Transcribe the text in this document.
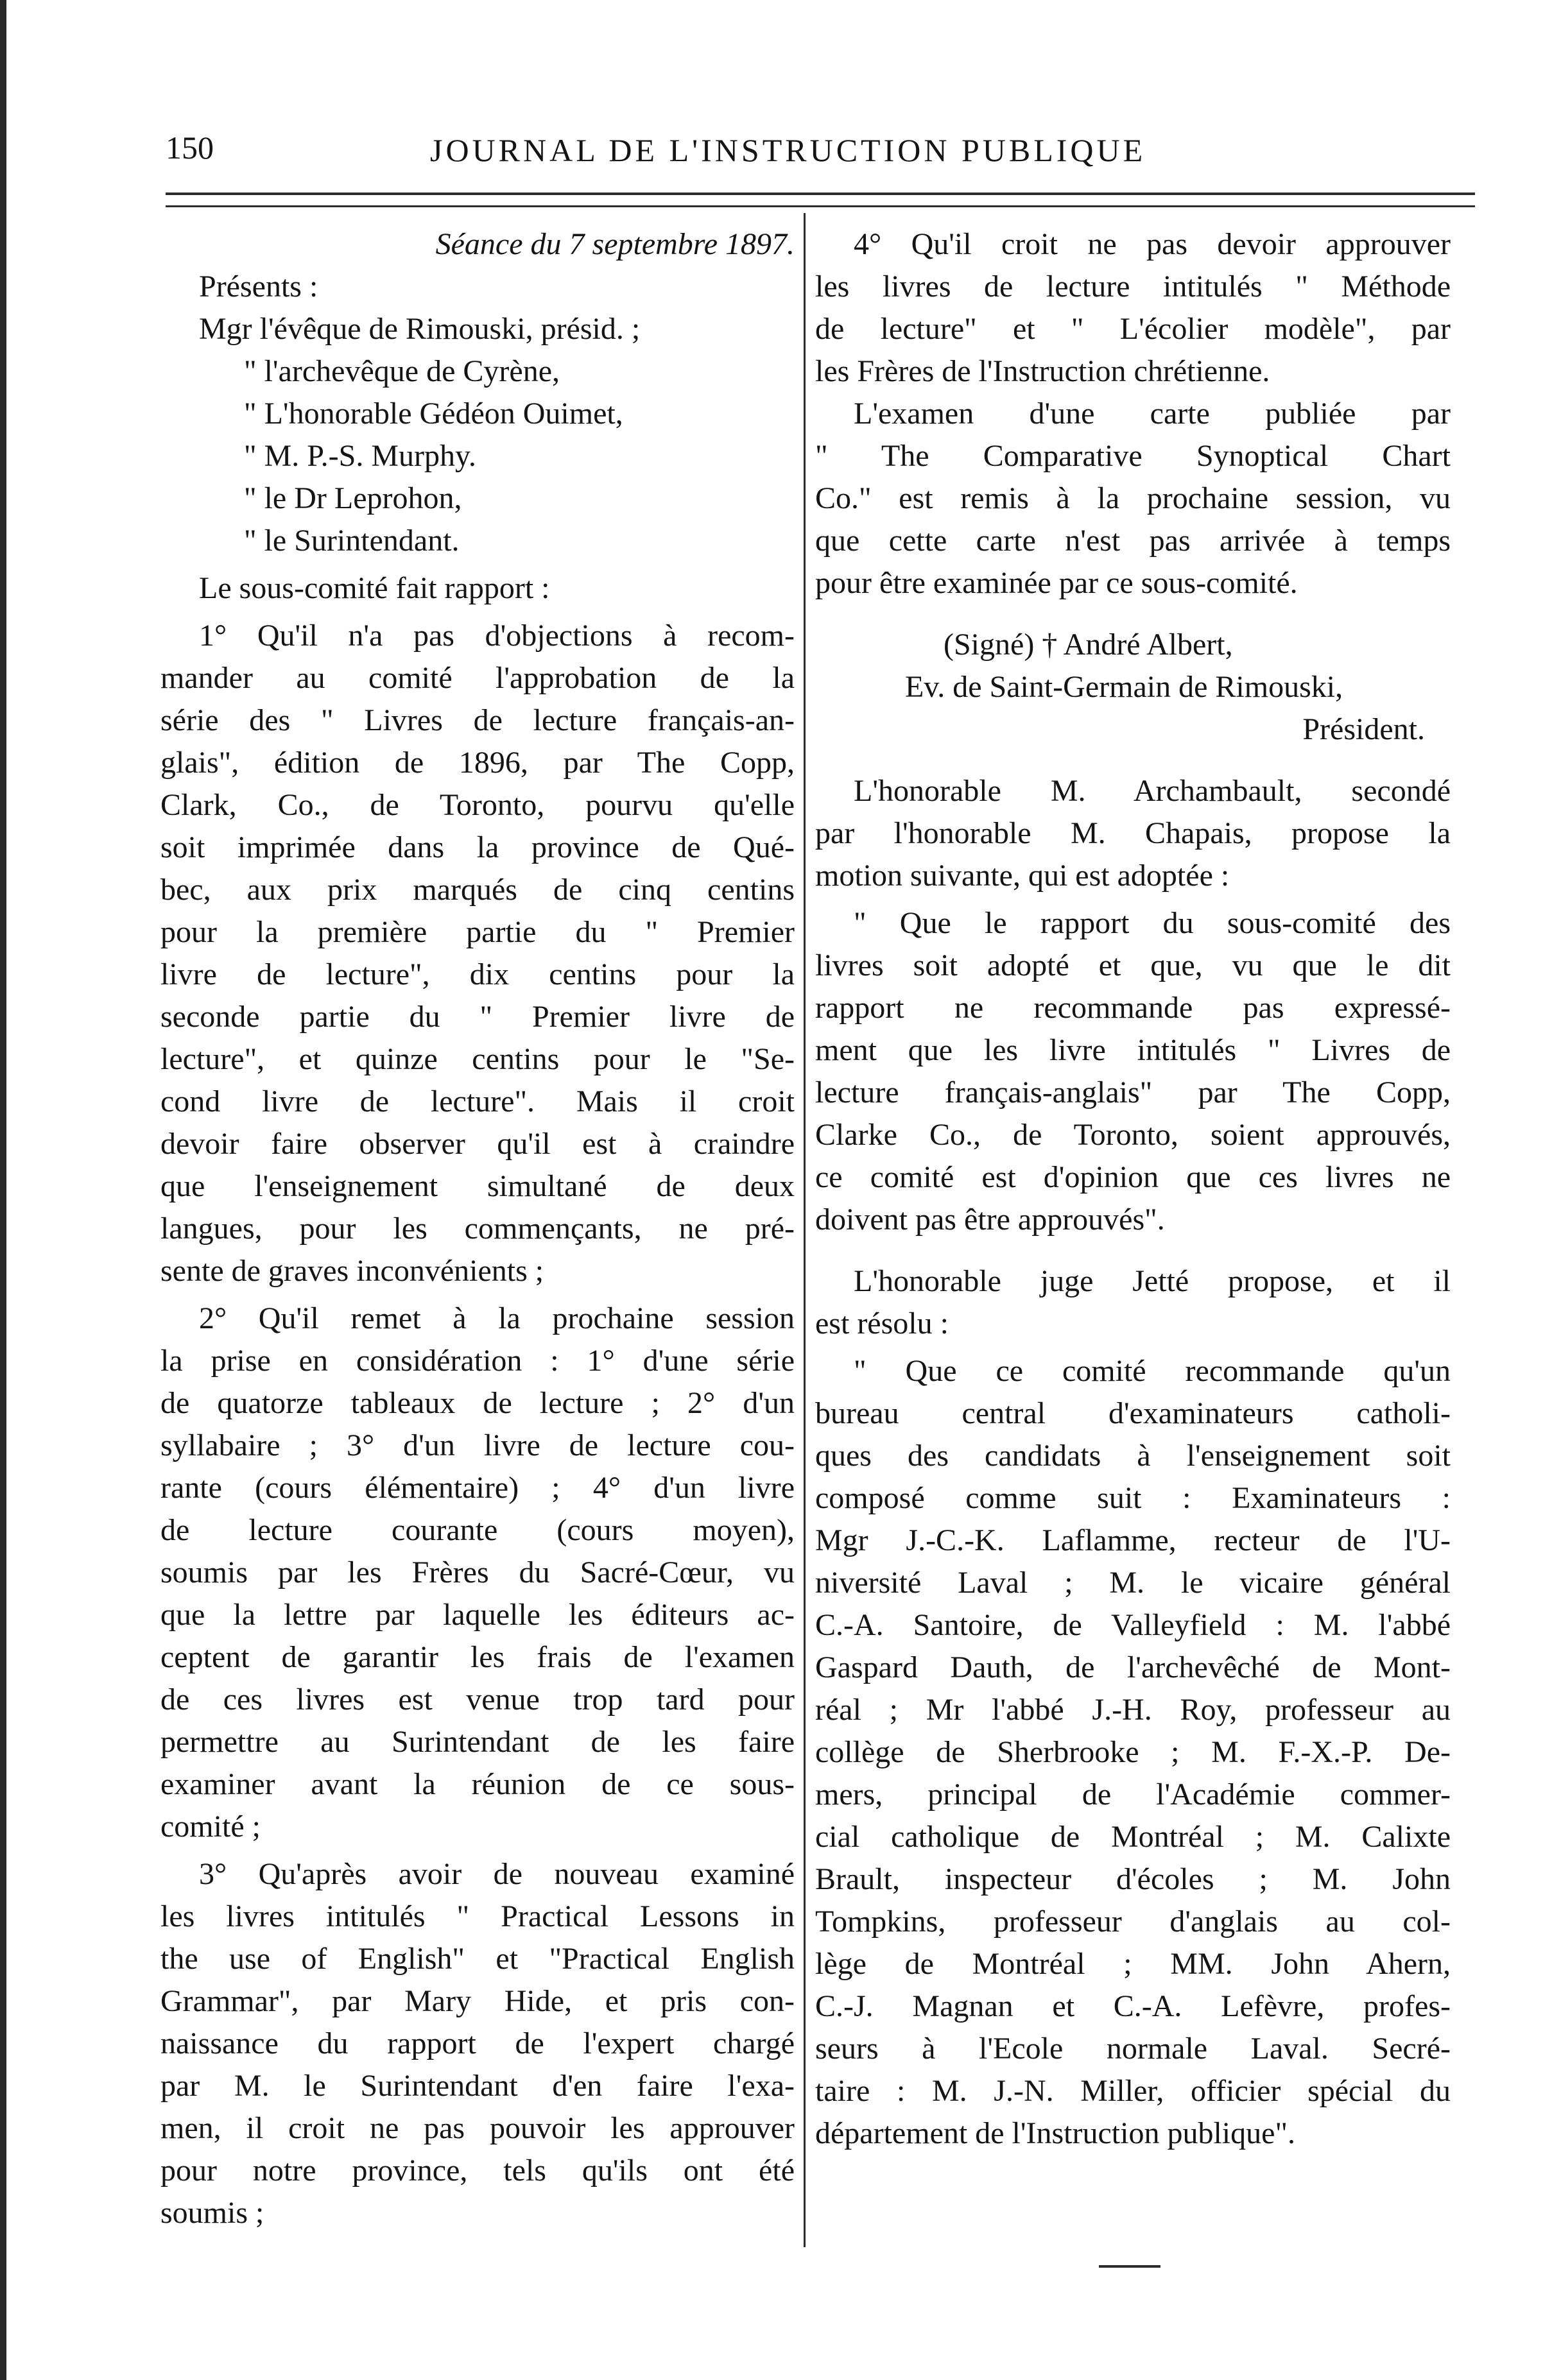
150	JOURNAL DE L'INSTRUCTION PUBLIQUE
Séance du 7 septembre 1897.
Présents :
Mgr l'évêque de Rimouski, présid. ;
" l'archevêque de Cyrène,
" L'honorable Gédéon Ouimet,
" M. P.-S. Murphy.
" le Dr Leprohon,
" le Surintendant.
Le sous-comité fait rapport :
1° Qu'il n'a pas d'objections à recom-
mander au comité l'approbation de la
série des " Livres de lecture français-an-
glais", édition de 1896, par The Copp,
Clark, Co., de Toronto, pourvu qu'elle
soit imprimée dans la province de Qué-
bec, aux prix marqués de cinq centins
pour la première partie du " Premier
livre de lecture", dix centins pour la
seconde partie du " Premier livre de
lecture", et quinze centins pour le "Se-
cond livre de lecture". Mais il croit
devoir faire observer qu'il est à craindre
que l'enseignement simultané de deux
langues, pour les commençants, ne pré-
sente de graves inconvénients ;
2° Qu'il remet à la prochaine session
la prise en considération : 1° d'une série
de quatorze tableaux de lecture ; 2° d'un
syllabaire ; 3° d'un livre de lecture cou-
rante (cours élémentaire) ; 4° d'un livre
de lecture courante (cours moyen),
soumis par les Frères du Sacré-Cœur, vu
que la lettre par laquelle les éditeurs ac-
ceptent de garantir les frais de l'examen
de ces livres est venue trop tard pour
permettre au Surintendant de les faire
examiner avant la réunion de ce sous-
comité ;
3° Qu'après avoir de nouveau examiné
les livres intitulés " Practical Lessons in
the use of English" et "Practical English
Grammar", par Mary Hide, et pris con-
naissance du rapport de l'expert chargé
par M. le Surintendant d'en faire l'exa-
men, il croit ne pas pouvoir les approuver
pour notre province, tels qu'ils ont été
soumis ;
4° Qu'il croit ne pas devoir approuver
les livres de lecture intitulés " Méthode
de lecture" et " L'écolier modèle", par
les Frères de l'Instruction chrétienne.
L'examen d'une carte publiée par
" The Comparative Synoptical Chart
Co." est remis à la prochaine session, vu
que cette carte n'est pas arrivée à temps
pour être examinée par ce sous-comité.
(Signé) † André Albert,
Ev. de Saint-Germain de Rimouski,
Président.
L'honorable M. Archambault, secondé
par l'honorable M. Chapais, propose la
motion suivante, qui est adoptée :
" Que le rapport du sous-comité des
livres soit adopté et que, vu que le dit
rapport ne recommande pas expressé-
ment que les livre intitulés " Livres de
lecture français-anglais" par The Copp,
Clarke Co., de Toronto, soient approuvés,
ce comité est d'opinion que ces livres ne
doivent pas être approuvés".
L'honorable juge Jetté propose, et il
est résolu :
" Que ce comité recommande qu'un
bureau central d'examinateurs catholi-
ques des candidats à l'enseignement soit
composé comme suit : Examinateurs :
Mgr J.-C.-K. Laflamme, recteur de l'U-
niversité Laval ; M. le vicaire général
C.-A. Santoire, de Valleyfield : M. l'abbé
Gaspard Dauth, de l'archevêché de Mont-
réal ; Mr l'abbé J.-H. Roy, professeur au
collège de Sherbrooke ; M. F.-X.-P. De-
mers, principal de l'Académie commer-
cial catholique de Montréal ; M. Calixte
Brault, inspecteur d'écoles ; M. John
Tompkins, professeur d'anglais au col-
lège de Montréal ; MM. John Ahern,
C.-J. Magnan et C.-A. Lefèvre, profes-
seurs à l'Ecole normale Laval. Secré-
taire : M. J.-N. Miller, officier spécial du
département de l'Instruction publique".
